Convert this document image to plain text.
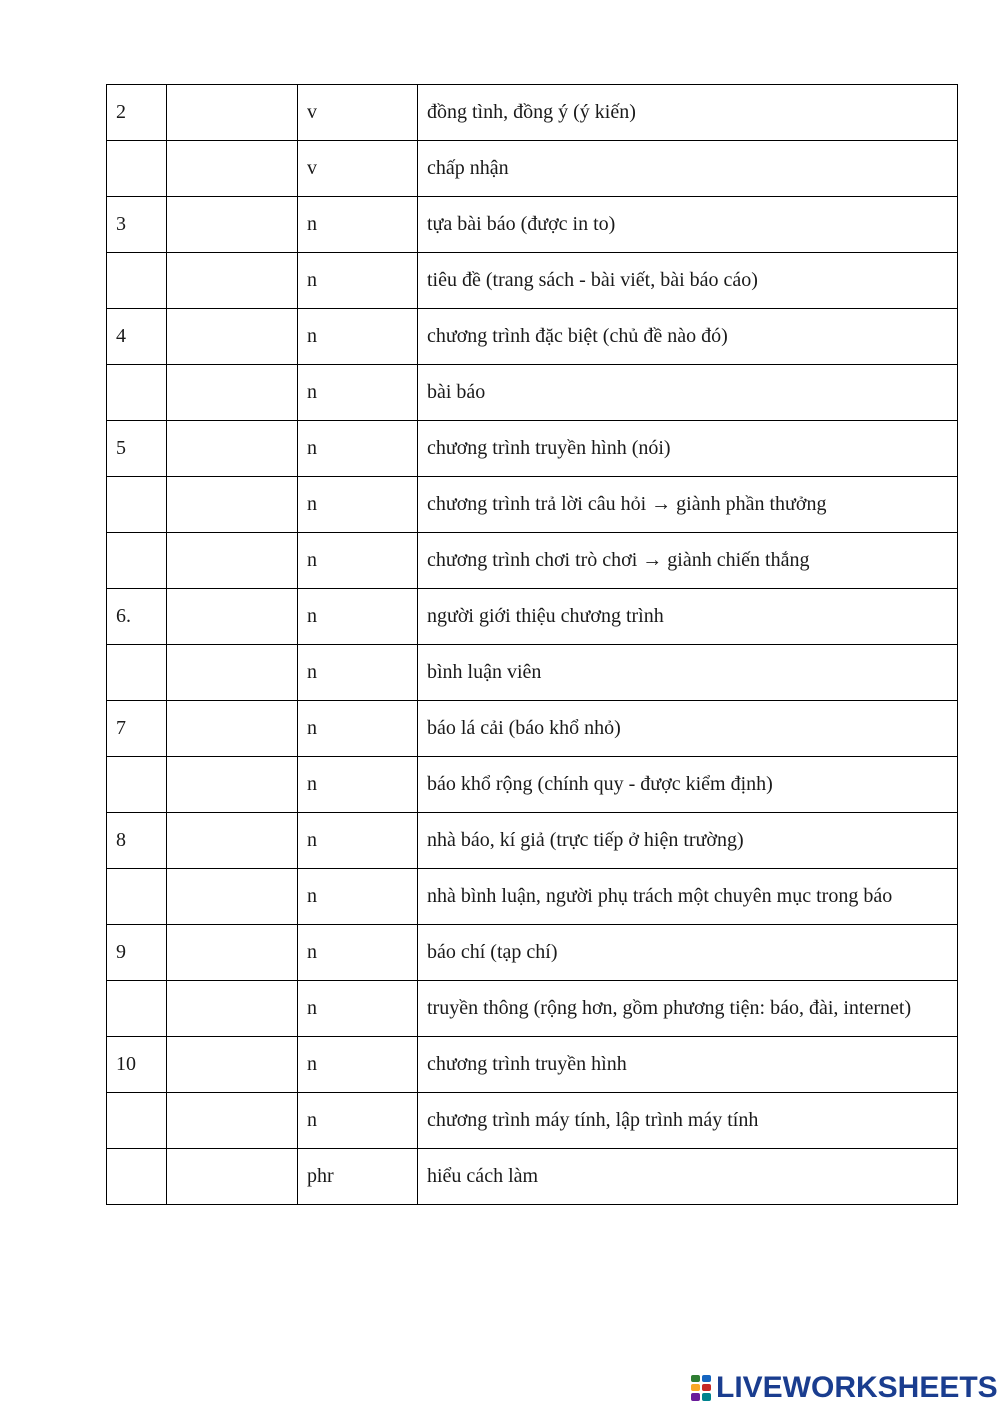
2		v	đồng tình, đồng ý (ý kiến)
		v	chấp nhận
3		n	tựa bài báo (được in to)
		n	tiêu đề (trang sách - bài viết, bài báo cáo)
4		n	chương trình đặc biệt (chủ đề nào đó)
		n	bài báo
5		n	chương trình truyền hình (nói)
		n	chương trình trả lời câu hỏi → giành phần thưởng
		n	chương trình chơi trò chơi → giành chiến thắng
6.		n	người giới thiệu chương trình
		n	bình luận viên
7		n	báo lá cải (báo khổ nhỏ)
		n	báo khổ rộng (chính quy - được kiểm định)
8		n	nhà báo, kí giả (trực tiếp ở hiện trường)
		n	nhà bình luận, người phụ trách một chuyên mục trong báo
9		n	báo chí (tạp chí)
		n	truyền thông (rộng hơn, gồm phương tiện: báo, đài, internet)
10		n	chương trình truyền hình
		n	chương trình máy tính, lập trình máy tính
		phr	hiểu cách làm
LIVEWORKSHEETS
